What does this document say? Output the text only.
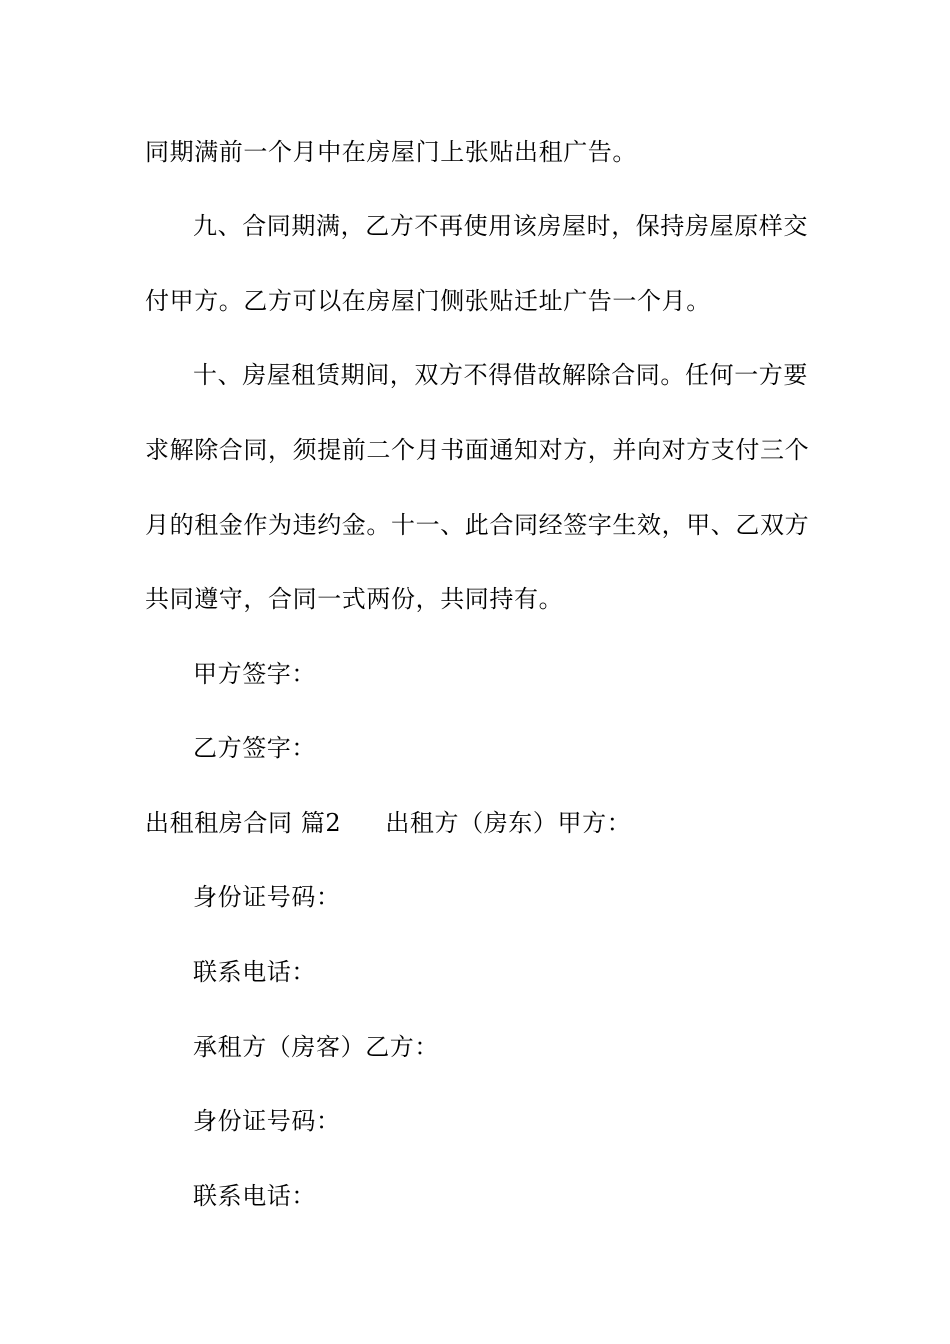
同期满前一个月中在房屋门上张贴出租广告。
九、合同期满，乙方不再使用该房屋时，保持房屋原样交
付甲方。乙方可以在房屋门侧张贴迁址广告一个月。
十、房屋租赁期间，双方不得借故解除合同。任何一方要
求解除合同，须提前二个月书面通知对方，并向对方支付三个
月的租金作为违约金。十一、此合同经签字生效，甲、乙双方
共同遵守，合同一式两份，共同持有。
甲方签字：
乙方签字：
出租租房合同 篇2 出租方（房东）甲方：
身份证号码：
联系电话：
承租方（房客）乙方：
身份证号码：
联系电话：
